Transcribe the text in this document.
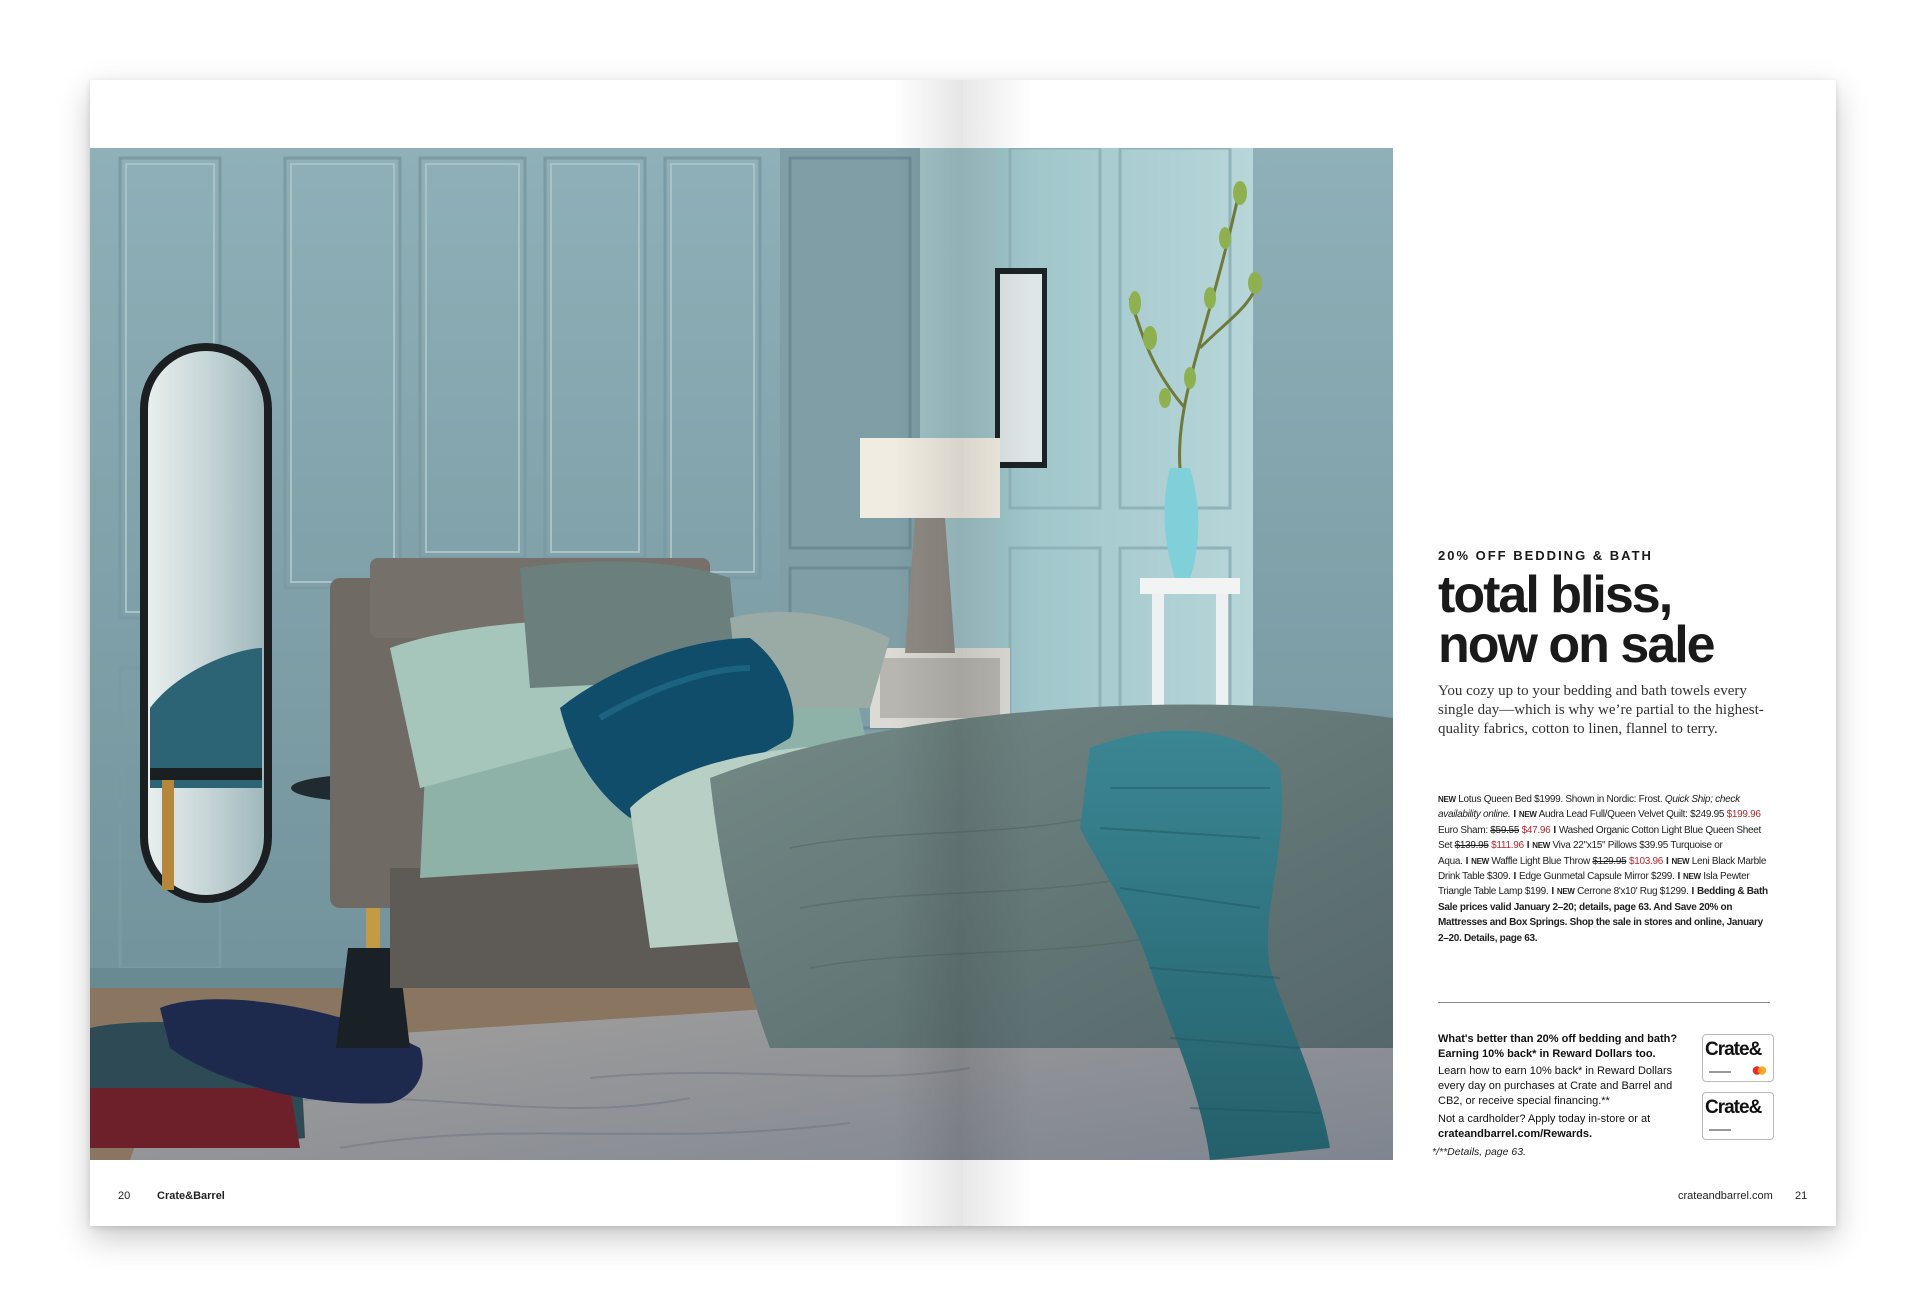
20 Crate&Barrel	crateandbarrel.com 21
20% OFF BEDDING & BATH
total bliss,
now on sale
You cozy up to your bedding and bath towels every single day—which is why we’re partial to the highest-quality fabrics, cotton to linen, flannel to terry.
NEW Lotus Queen Bed $1999. Shown in Nordic: Frost. Quick Ship; check availability online. I NEW Audra Lead Full/Queen Velvet Quilt: $249.95 $199.96 Euro Sham: $59.55 $47.96 I Washed Organic Cotton Light Blue Queen Sheet Set $139.95 $111.96 I NEW Viva 22"x15" Pillows $39.95 Turquoise or Aqua. I NEW Waffle Light Blue Throw $129.95 $103.96 I NEW Leni Black Marble Drink Table $309. I Edge Gunmetal Capsule Mirror $299. I NEW Isla Pewter Triangle Table Lamp $199. I NEW Cerrone 8'x10' Rug $1299. I Bedding & Bath Sale prices valid January 2–20; details, page 63. And Save 20% on Mattresses and Box Springs. Shop the sale in stores and online, January 2–20. Details, page 63.
What's better than 20% off bedding and bath? Earning 10% back* in Reward Dollars too.
Learn how to earn 10% back* in Reward Dollars every day on purchases at Crate and Barrel and CB2, or receive special financing.**
Not a cardholder? Apply today in-store or at crateandbarrel.com/Rewards.
*/**Details, page 63.
Crate&
Crate&
